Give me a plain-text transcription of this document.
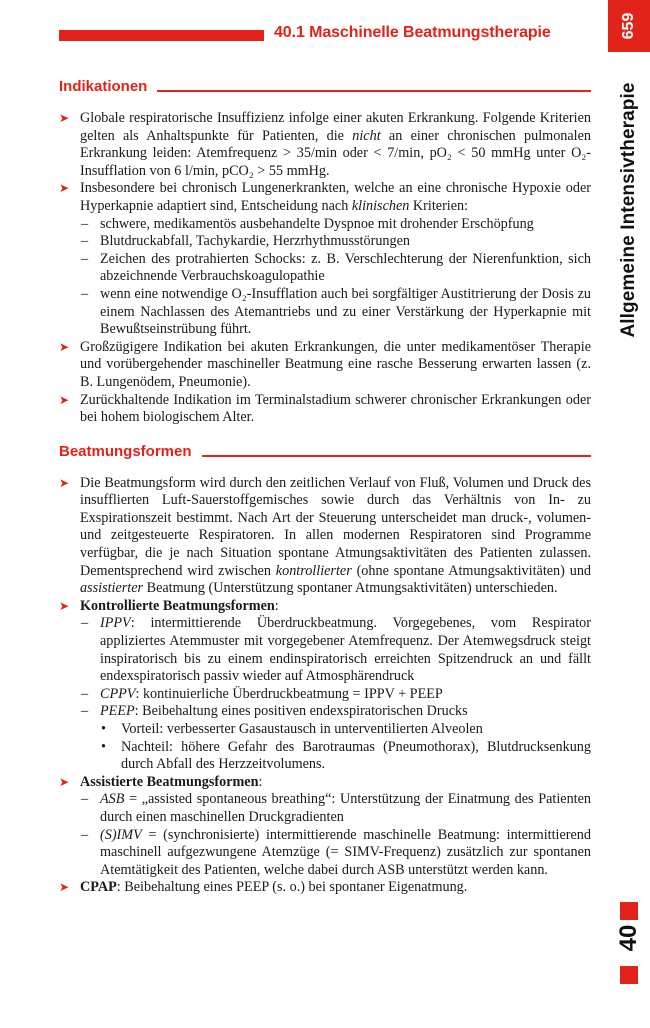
40.1 Maschinelle Beatmungstherapie	659
Allgemeine Intensivtherapie
40
Indikationen
➤ Globale respiratorische Insuffizienz infolge einer akuten Erkrankung. Folgende Kriterien gelten als Anhaltspunkte für Patienten, die nicht an einer chronischen pulmonalen Erkrankung leiden: Atemfrequenz > 35/min oder < 7/min, pO₂ < 50 mmHg unter O₂-Insufflation von 6 l/min, pCO₂ > 55 mmHg.
➤ Insbesondere bei chronisch Lungenerkrankten, welche an eine chronische Hypoxie oder Hyperkapnie adaptiert sind, Entscheidung nach klinischen Kriterien:
– schwere, medikamentös ausbehandelte Dyspnoe mit drohender Erschöpfung
– Blutdruckabfall, Tachykardie, Herzrhythmusstörungen
– Zeichen des protrahierten Schocks: z. B. Verschlechterung der Nierenfunktion, sich abzeichnende Verbrauchskoagulopathie
– wenn eine notwendige O₂-Insufflation auch bei sorgfältiger Austitrierung der Dosis zu einem Nachlassen des Atemantriebs und zu einer Verstärkung der Hyperkapnie mit Bewußtseinstrübung führt.
➤ Großzügigere Indikation bei akuten Erkrankungen, die unter medikamentöser Therapie und vorübergehender maschineller Beatmung eine rasche Besserung erwarten lassen (z. B. Lungenödem, Pneumonie).
➤ Zurückhaltende Indikation im Terminalstadium schwerer chronischer Erkrankungen oder bei hohem biologischem Alter.
Beatmungsformen
➤ Die Beatmungsform wird durch den zeitlichen Verlauf von Fluß, Volumen und Druck des insufflierten Luft-Sauerstoffgemisches sowie durch das Verhältnis von In- zu Exspirationszeit bestimmt. Nach Art der Steuerung unterscheidet man druck-, volumen- und zeitgesteuerte Respiratoren. In allen modernen Respiratoren sind Programme verfügbar, die je nach Situation spontane Atmungsaktivitäten des Patienten zulassen. Dementsprechend wird zwischen kontrollierter (ohne spontane Atmungsaktivitäten) und assistierter Beatmung (Unterstützung spontaner Atmungsaktivitäten) unterschieden.
➤ Kontrollierte Beatmungsformen:
– IPPV: intermittierende Überdruckbeatmung. Vorgegebenes, vom Respirator appliziertes Atemmuster mit vorgegebener Atemfrequenz. Der Atemwegsdruck steigt inspiratorisch bis zu einem endinspiratorisch erreichten Spitzendruck an und fällt endexspiratorisch passiv wieder auf Atmosphärendruck
– CPPV: kontinuierliche Überdruckbeatmung = IPPV + PEEP
– PEEP: Beibehaltung eines positiven endexspiratorischen Drucks
• Vorteil: verbesserter Gasaustausch in unterventilierten Alveolen
• Nachteil: höhere Gefahr des Barotraumas (Pneumothorax), Blutdrucksenkung durch Abfall des Herzzeitvolumens.
➤ Assistierte Beatmungsformen:
– ASB = „assisted spontaneous breathing“: Unterstützung der Einatmung des Patienten durch einen maschinellen Druckgradienten
– (S)IMV = (synchronisierte) intermittierende maschinelle Beatmung: intermittierend maschinell aufgezwungene Atemzüge (= SIMV-Frequenz) zusätzlich zur spontanen Atemtätigkeit des Patienten, welche dabei durch ASB unterstützt werden kann.
➤ CPAP: Beibehaltung eines PEEP (s. o.) bei spontaner Eigenatmung.
